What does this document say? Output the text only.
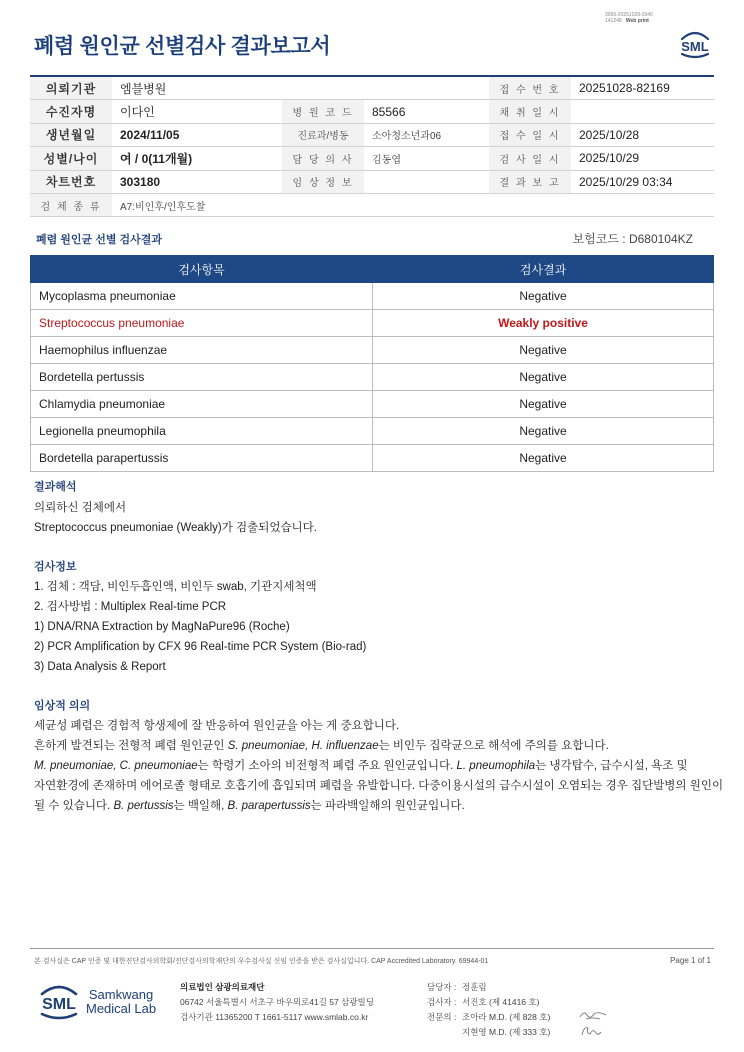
3065-20251029-0340
141248 Web print
폐렴 원인균 선별검사 결과보고서	SML
의뢰기관	엠블병원			접 수 번 호	20251028-82169
수진자명	이다인	병 원 코 드	85566	채 취 일 시	
생년월일	2024/11/05	진료과/병동	소아청소년과06	접 수 일 시	2025/10/28
성별/나이	여 / 0(11개월)	담 당 의 사	김동엽	검 사 일 시	2025/10/29
차트번호	303180	임 상 정 보		결 과 보 고	2025/10/29 03:34
검 체 종 류	A7:비인후/인후도찰				
폐렴 원인균 선별 검사결과	보험코드 : D680104KZ
검사항목	검사결과
Mycoplasma pneumoniae	Negative
Streptococcus pneumoniae	Weakly positive
Haemophilus influenzae	Negative
Bordetella pertussis	Negative
Chlamydia pneumoniae	Negative
Legionella pneumophila	Negative
Bordetella parapertussis	Negative
결과해석
의뢰하신 검체에서
Streptococcus pneumoniae (Weakly)가 검출되었습니다.
검사정보
1. 검체 : 객담, 비인두흡인액, 비인두 swab, 기관지세척액
2. 검사방법 : Multiplex Real-time PCR
1) DNA/RNA Extraction by MagNaPure96 (Roche)
2) PCR Amplification by CFX 96 Real-time PCR System (Bio-rad)
3) Data Analysis & Report
임상적 의의
세균성 폐렴은 경험적 항생제에 잘 반응하여 원인균을 아는 게 중요합니다.
흔하게 발견되는 전형적 폐렴 원인균인 S. pneumoniae, H. influenzae는 비인두 집락균으로 해석에 주의를 요합니다.
M. pneumoniae, C. pneumoniae는 학령기 소아의 비전형적 폐렴 주요 원인균입니다. L. pneumophila는 냉각탑수, 급수시설, 욕조 및
자연환경에 존재하며 에어로졸 형태로 호흡기에 흡입되며 폐렴을 유발합니다. 다중이용시설의 급수시설이 오염되는 경우 집단발병의 원인이
될 수 있습니다. B. pertussis는 백일해, B. parapertussis는 파라백일해의 원인균입니다.
본 검사실은 CAP 인증 및 대한진단검사의학회/진단검사의학재단의 우수검사실 신임 인증을 받은 검사실입니다. CAP Accredited Laboratory. 69944-01	Page 1 of 1
SML
Samkwang
Medical Lab
의료법인 삼광의료재단
06742 서울특별시 서초구 바우뫼로41길 57 삼광빌딩
검사기관 11365200 T 1661-5117 www.smlab.co.kr
담당자 : 정훈림
검사자 : 서진호 (제 41416 호)
전문의 : 조아라 M.D. (제 828 호)
지현영 M.D. (제 333 호)
